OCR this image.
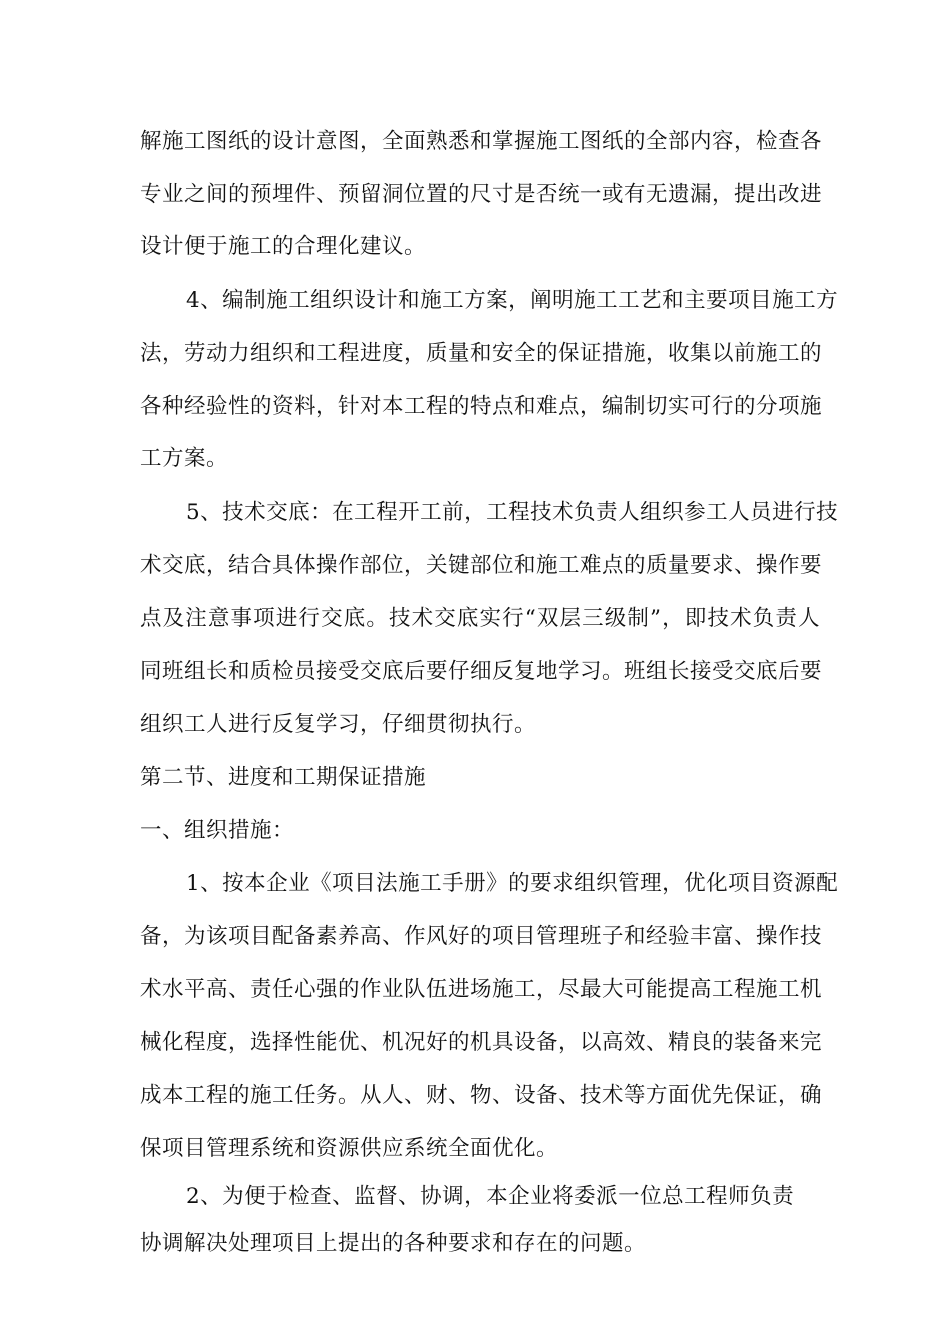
解施工图纸的设计意图，全面熟悉和掌握施工图纸的全部内容，检查各
专业之间的预埋件、预留洞位置的尺寸是否统一或有无遗漏，提出改进
设计便于施工的合理化建议。
4、编制施工组织设计和施工方案，阐明施工工艺和主要项目施工方
法，劳动力组织和工程进度，质量和安全的保证措施，收集以前施工的
各种经验性的资料，针对本工程的特点和难点，编制切实可行的分项施
工方案。
5、技术交底：在工程开工前，工程技术负责人组织参工人员进行技
术交底，结合具体操作部位，关键部位和施工难点的质量要求、操作要
点及注意事项进行交底。技术交底实行“双层三级制”，即技术负责人
同班组长和质检员接受交底后要仔细反复地学习。班组长接受交底后要
组织工人进行反复学习，仔细贯彻执行。
第二节、进度和工期保证措施
一、组织措施：
1、按本企业《项目法施工手册》的要求组织管理，优化项目资源配
备，为该项目配备素养高、作风好的项目管理班子和经验丰富、操作技
术水平高、责任心强的作业队伍进场施工，尽最大可能提高工程施工机
械化程度，选择性能优、机况好的机具设备，以高效、精良的装备来完
成本工程的施工任务。从人、财、物、设备、技术等方面优先保证，确
保项目管理系统和资源供应系统全面优化。
2、为便于检查、监督、协调，本企业将委派一位总工程师负责
协调解决处理项目上提出的各种要求和存在的问题。
